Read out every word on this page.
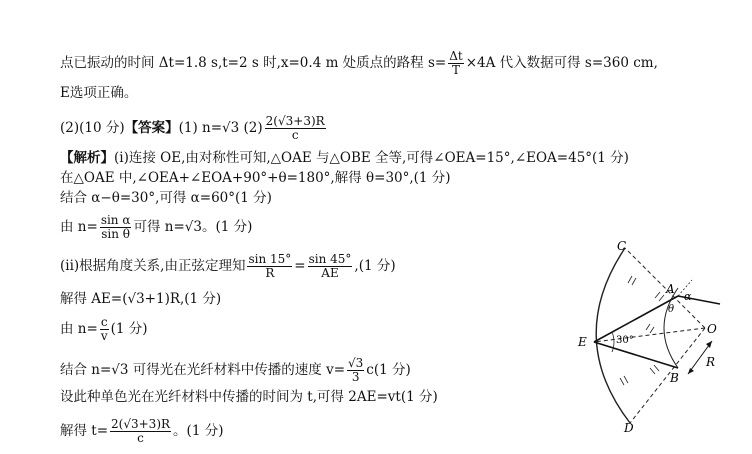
点已振动的时间 Δt=1.8 s,t=2 s 时,x=0.4 m 处质点的路程 $s= \frac{\Delta t}{T} \times 4A$ 代入数据可得 s=360 cm,
E选项正确。
(2)(10 分)【答案】(1) n=√3 $(2) \frac{2(√3+3)R}{c}$
【解析】(i)连接 OE,由对称性可知,△OAE 与△OBE 全等,可得∠OEA=15°,∠EOA=45°(1 分)
在△OAE 中,∠OEA+∠EOA+90°+θ=180°,解得 θ=30°,(1 分)
结合 α−θ=30°,可得 α=60°(1 分)
由 $n= \frac{\text{sin α}}{\text{sin θ}}$ 可得 n=√3。(1 分)
(ii)根据角度关系,由正弦定理知 $\frac{\sin 15^\circ}{R} = \frac{\sin 45^\circ}{AE} ,(1$ 分)
解得 AE=(√3+1)R,(1 分)
由 $n= \frac{c}{v} (1$ 分)
结合 n=√3 可得光在光纤材料中传播的速度 $v= \frac{√3}{3} c(1$ 分)
设此种单色光在光纤材料中传播的时间为 t,可得 2AE=vt(1 分)
解得 $t= \frac{2(√3+3)R}{c}$ 。(1 分)
C
D
E
O
A
B
α
θ
30°
R
